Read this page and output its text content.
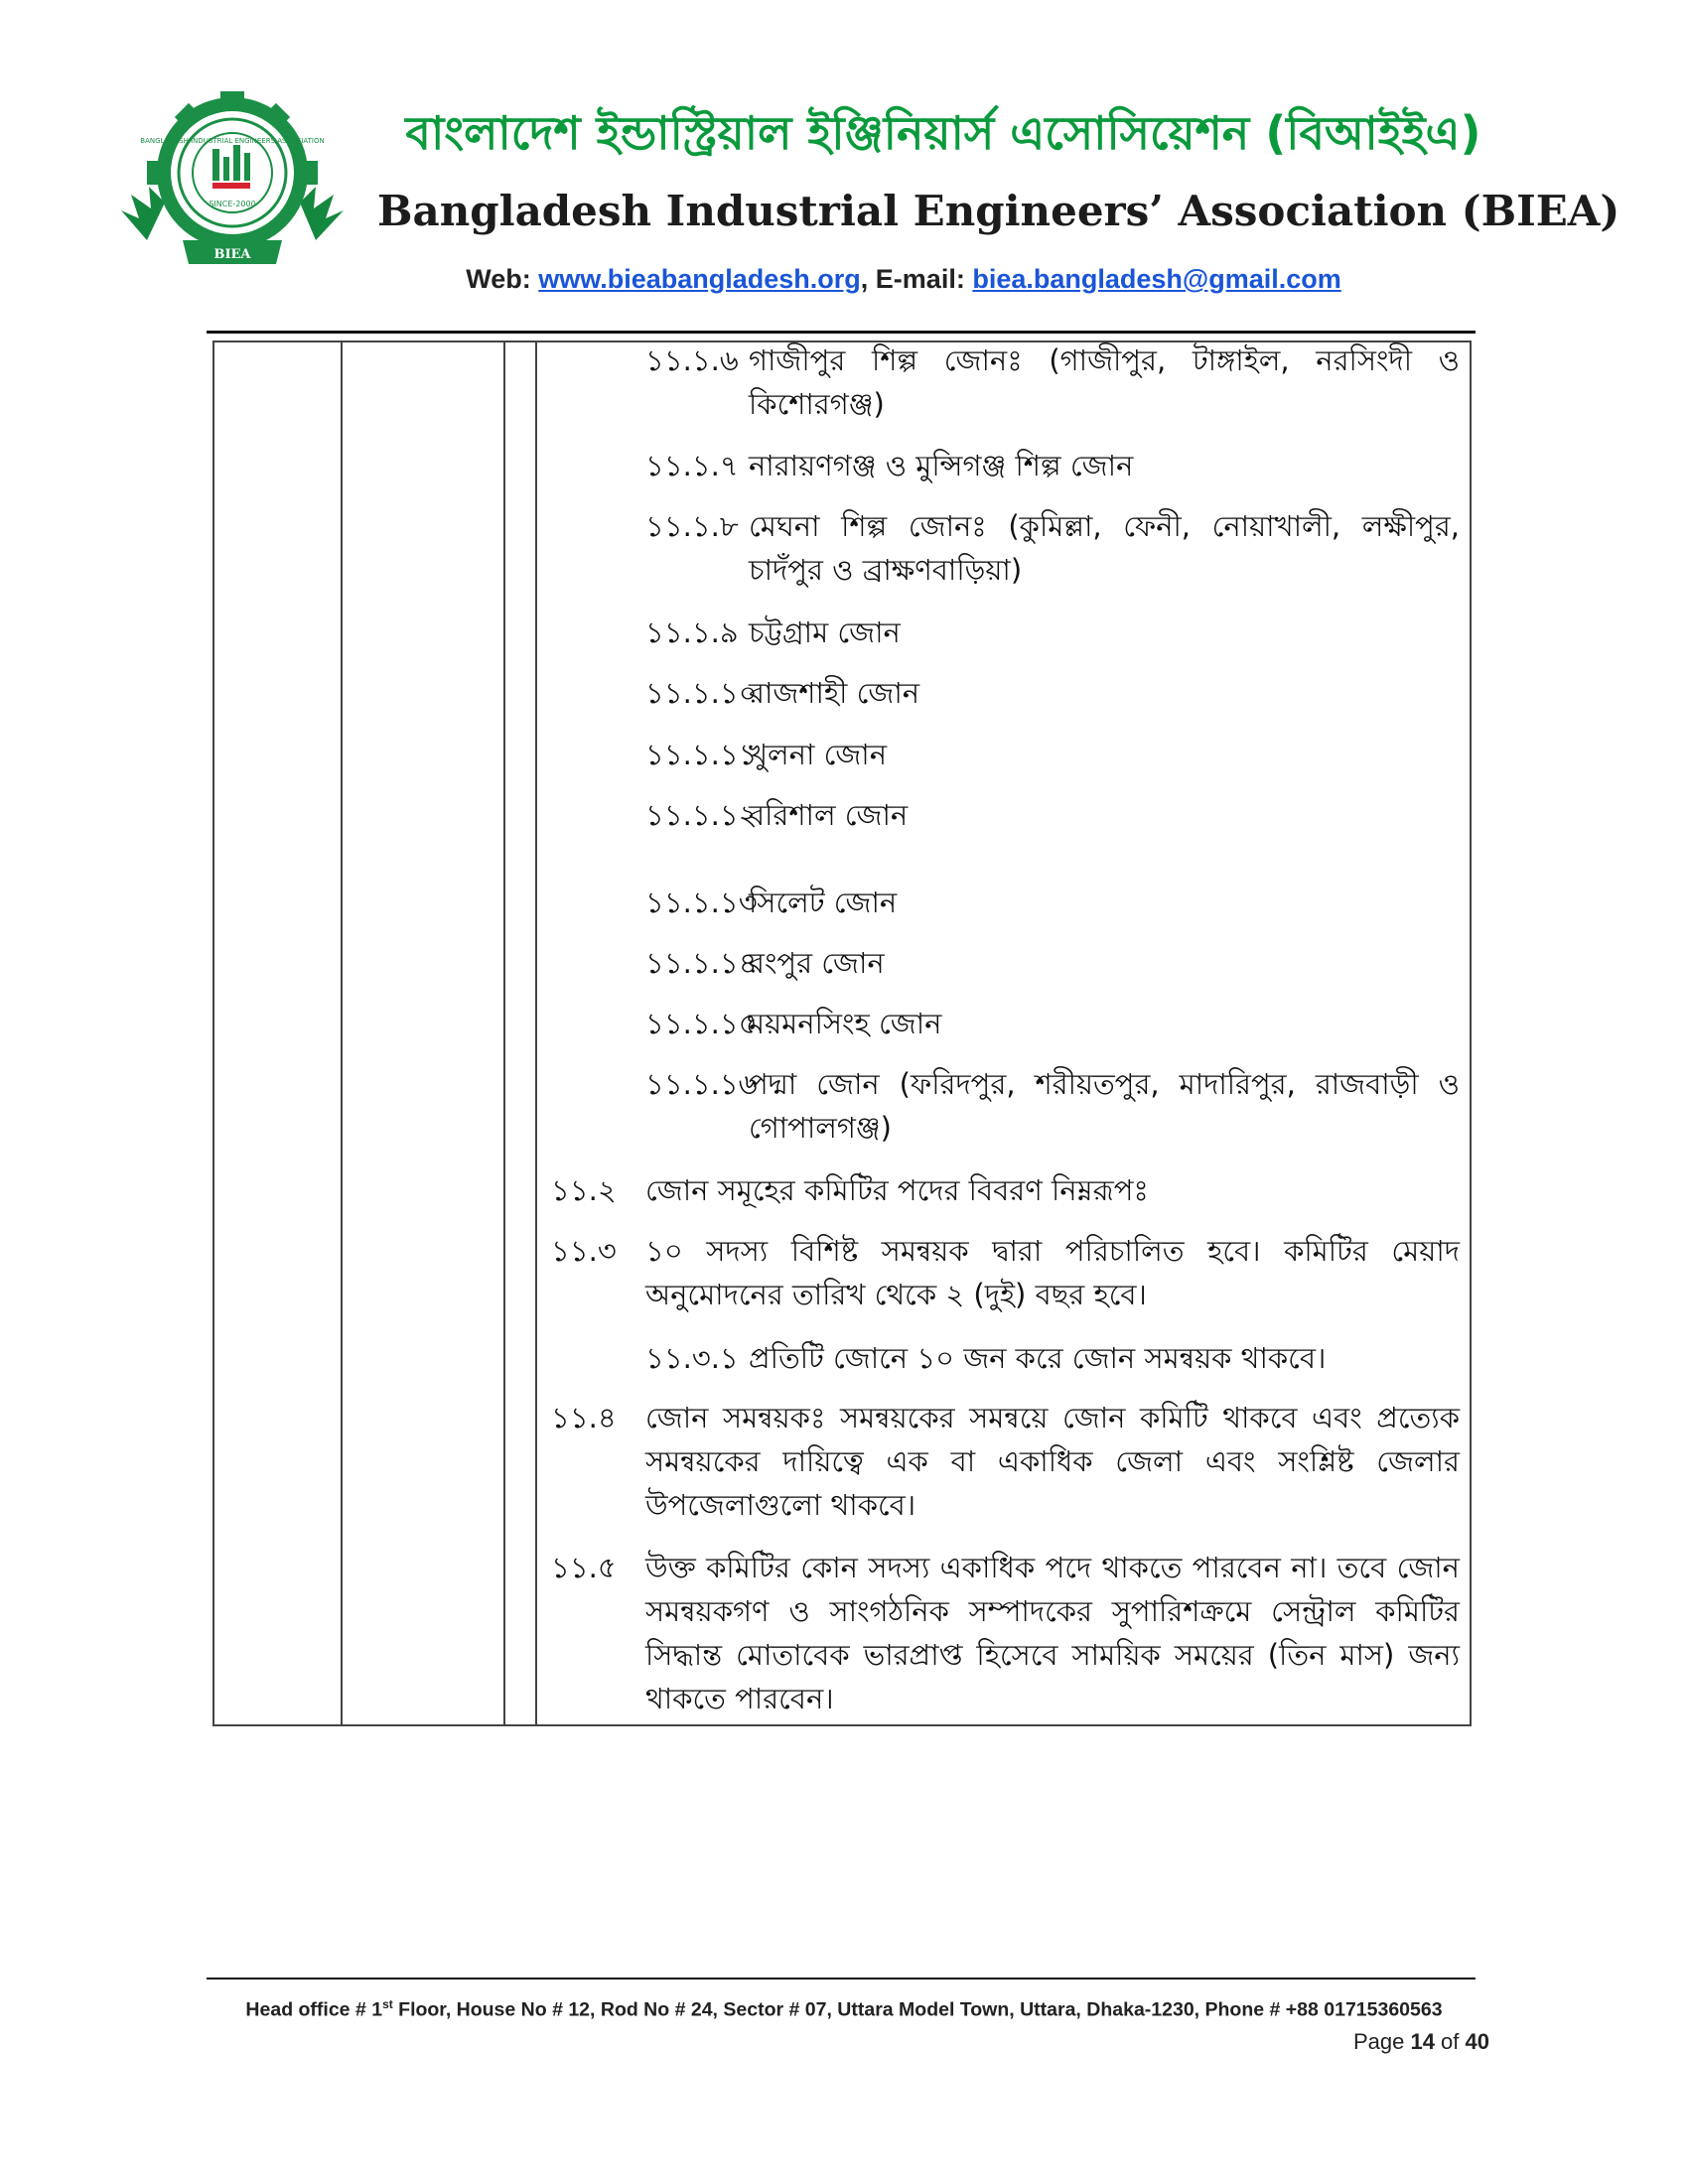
BANGLADESH INDUSTRIAL ENGINEERS ASSOCIATION
SINCE-2000
BIEA
বাংলাদেশ ইন্ডাস্ট্রিয়াল ইঞ্জিনিয়ার্স এসোসিয়েশন (বিআইইএ)
Bangladesh Industrial Engineers’ Association (BIEA)
Web: www.bieabangladesh.org, E-mail: biea.bangladesh@gmail.com
১১.১.৬ গাজীপুর শিল্প জোনঃ (গাজীপুর, টাঙ্গাইল, নরসিংদী ও কিশোরগঞ্জ)
১১.১.৭ নারায়ণগঞ্জ ও মুন্সিগঞ্জ শিল্প জোন
১১.১.৮ মেঘনা শিল্প জোনঃ (কুমিল্লা, ফেনী, নোয়াখালী, লক্ষীপুর, চাদঁপুর ও ব্রাক্ষণবাড়িয়া)
১১.১.৯ চট্টগ্রাম জোন
১১.১.১০
রাজশাহী জোন
১১.১.১১
খুলনা জোন
১১.১.১২
বরিশাল জোন
১১.১.১৩
সিলেট জোন
১১.১.১৪
রংপুর জোন
১১.১.১৫
ময়মনসিংহ জোন
১১.১.১৬
পদ্মা জোন (ফরিদপুর, শরীয়তপুর, মাদারিপুর, রাজবাড়ী ও গোপালগঞ্জ)
১১.২ জোন সমূহের কমিটির পদের বিবরণ নিম্নরূপঃ
১১.৩ ১০ সদস্য বিশিষ্ট সমন্বয়ক দ্বারা পরিচালিত হবে। কমিটির মেয়াদ অনুমোদনের তারিখ থেকে ২ (দুই) বছর হবে।
১১.৩.১ প্রতিটি জোনে ১০ জন করে জোন সমন্বয়ক থাকবে।
১১.৪ জোন সমন্বয়কঃ সমন্বয়কের সমন্বয়ে জোন কমিটি থাকবে এবং প্রত্যেক সমন্বয়কের দায়িত্বে এক বা একাধিক জেলা এবং সংশ্লিষ্ট জেলার উপজেলাগুলো থাকবে।
১১.৫ উক্ত কমিটির কোন সদস্য একাধিক পদে থাকতে পারবেন না। তবে জোন সমন্বয়কগণ ও সাংগঠনিক সম্পাদকের সুপারিশক্রমে সেন্ট্রাল কমিটির সিদ্ধান্ত মোতাবেক ভারপ্রাপ্ত হিসেবে সাময়িক সময়ের (তিন মাস) জন্য থাকতে পারবেন।
Head office # 1st Floor, House No # 12, Rod No # 24, Sector # 07, Uttara Model Town, Uttara, Dhaka-1230, Phone # +88 01715360563
Page 14 of 40
